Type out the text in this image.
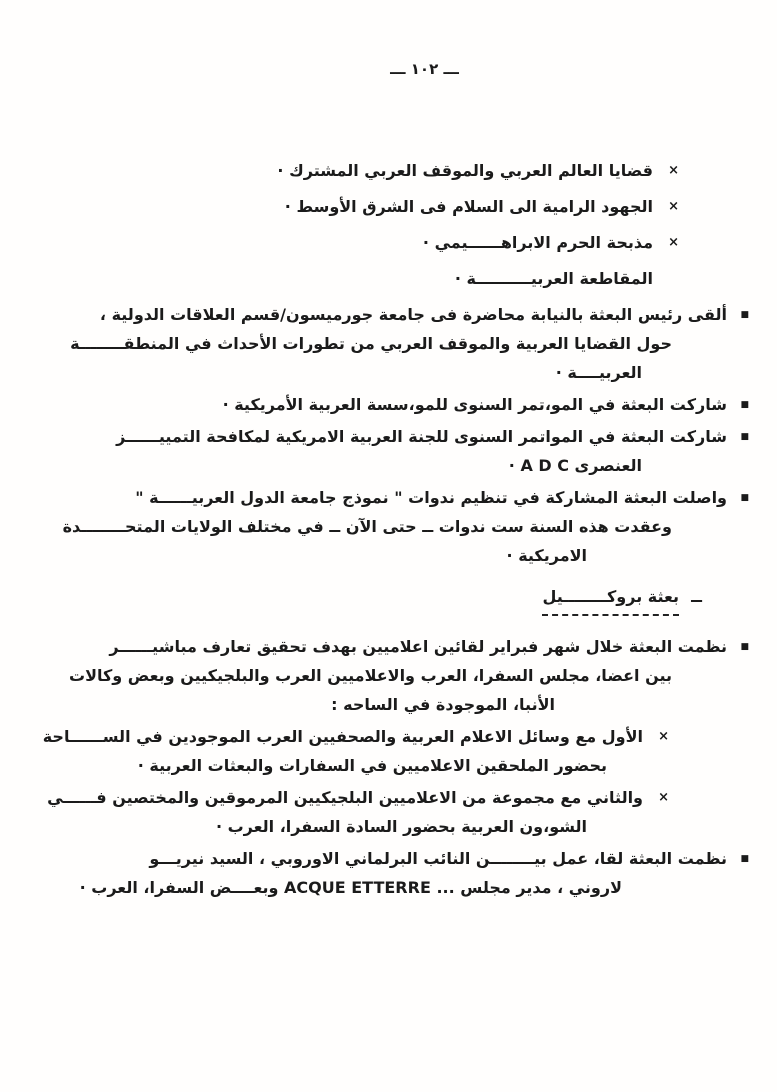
ـــ ١٠٢ ـــ
×
قضايا العالم العربي والموقف العربي المشترك ·
×
الجهود الرامية الى السلام فى الشرق الأوسط ·
×
مذبحة الحرم الابراهــــــيمي ·
المقاطعة العربيــــــــــة ·
■
ألقى رئيس البعثة بالنيابة محاضرة فى جامعة جورميسون/قسم العلاقات الدولية ،
حول القضايا العربية والموقف العربي من تطورات الأحداث في المنطقــــــــة
العربيــــة ·
■
شاركت البعثة في المو،تمر السنوى للمو،سسة العربية الأمريكية ·
■
شاركت البعثة في المواتمر السنوى للجنة العربية الامريكية لمكافحة التمييــــــز
العنصرى A D C ·
■
واصلت البعثة المشاركة في تنظيم ندوات " نموذج جامعة الدول العربيــــــة "
وعقدت هذه السنة ست ندوات ــ حتى الآن ــ في مختلف الولايات المتحــــــــدة
الامريكية ·
ــ
بعثة بروكــــــــيل
■
نظمت البعثة خلال شهر فبراير لقائين اعلاميين بهدف تحقيق تعارف مباشيــــــر
بين اعضا، مجلس السفرا، العرب والاعلاميين العرب والبلجيكيين وبعض وكالات
الأنبا، الموجودة في الساحه :
×
الأول مع وسائل الاعلام العربية والصحفيين العرب الموجودين في الســــــاحة
بحضور الملحقين الاعلاميين في السفارات والبعثات العربية ·
×
والثاني مع مجموعة من الاعلاميين البلجيكيين المرموقين والمختصين فــــــي
الشو،ون العربية بحضور السادة السفرا، العرب ·
■
نظمت البعثة لقا، عمل بيــــــــن النائب البرلماني الاوروبي ، السيد نيريـــو
لاروني ، مدير مجلس ... ACQUE ETTERRE وبعــــض السفرا، العرب ·
